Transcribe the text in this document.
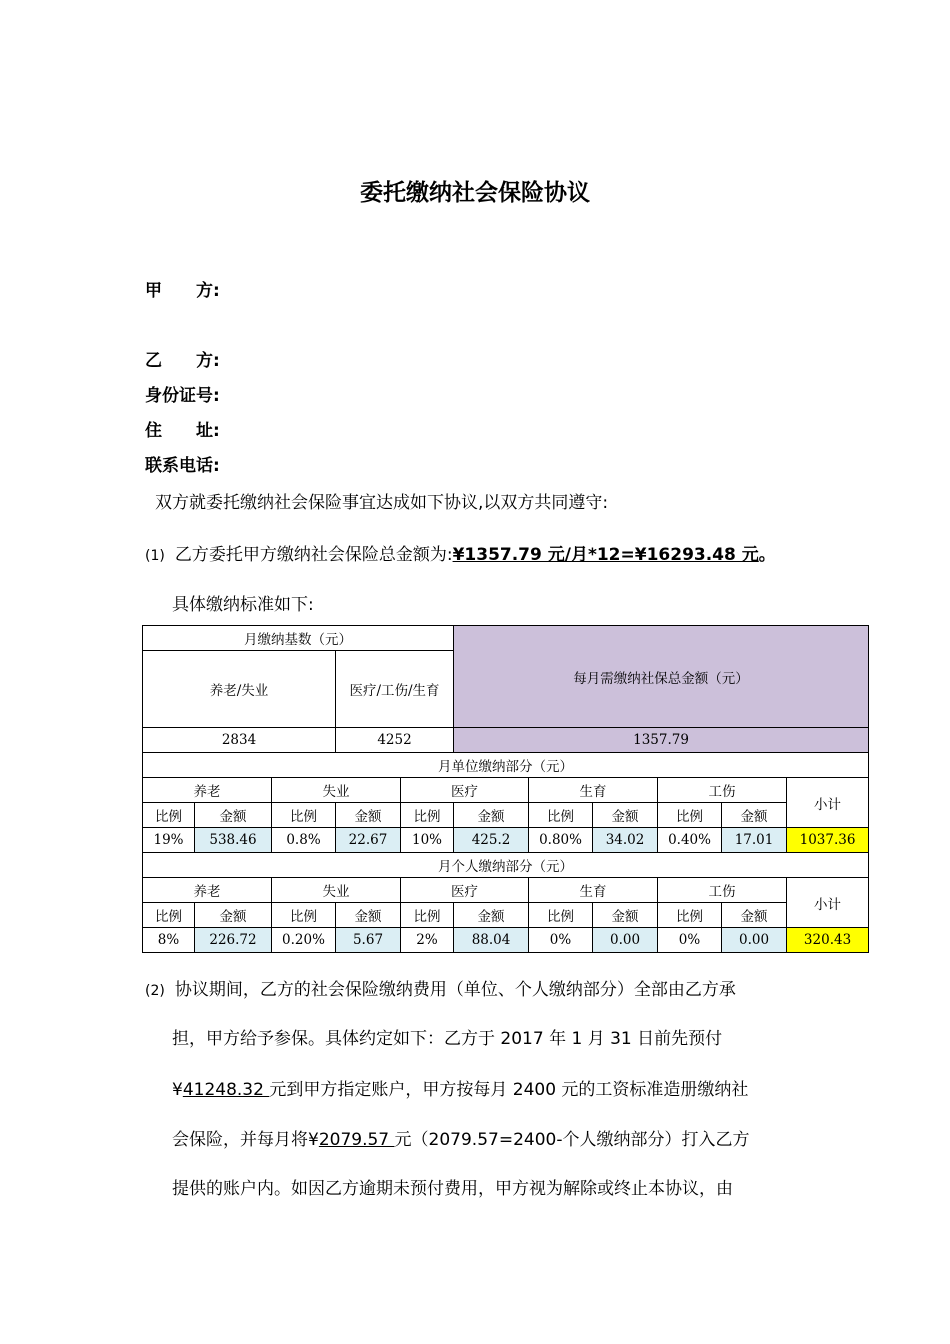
委托缴纳社会保险协议
甲　　方:
乙　　方:
身份证号:
住　　址:
联系电话:
双方就委托缴纳社会保险事宜达成如下协议,以双方共同遵守:
(1) 乙方委托甲方缴纳社会保险总金额为:¥1357.79 元/月*12=¥16293.48 元。
具体缴纳标准如下:
月缴纳基数（元）					每月需缴纳社保总金额（元）					
养老/失业			医疗/工伤/生育							
2834			4252		1357.79					
月单位缴纳部分（元）										
养老		失业		医疗		生育		工伤		小计
比例	金额	比例	金额	比例	金额	比例	金额	比例	金额	
19%	538.46	0.8%	22.67	10%	425.2	0.80%	34.02	0.40%	17.01	1037.36
月个人缴纳部分（元）										
养老		失业		医疗		生育		工伤		小计
比例	金额	比例	金额	比例	金额	比例	金额	比例	金额	
8%	226.72	0.20%	5.67	2%	88.04	0%	0.00	0%	0.00	320.43
(2) 协议期间，乙方的社会保险缴纳费用（单位、个人缴纳部分）全部由乙方承
担，甲方给予参保。具体约定如下：乙方于 2017 年 1 月 31 日前先预付
¥41248.32 元到甲方指定账户，甲方按每月 2400 元的工资标准造册缴纳社
会保险，并每月将¥2079.57 元（2079.57=2400-个人缴纳部分）打入乙方
提供的账户内。如因乙方逾期未预付费用，甲方视为解除或终止本协议，由
